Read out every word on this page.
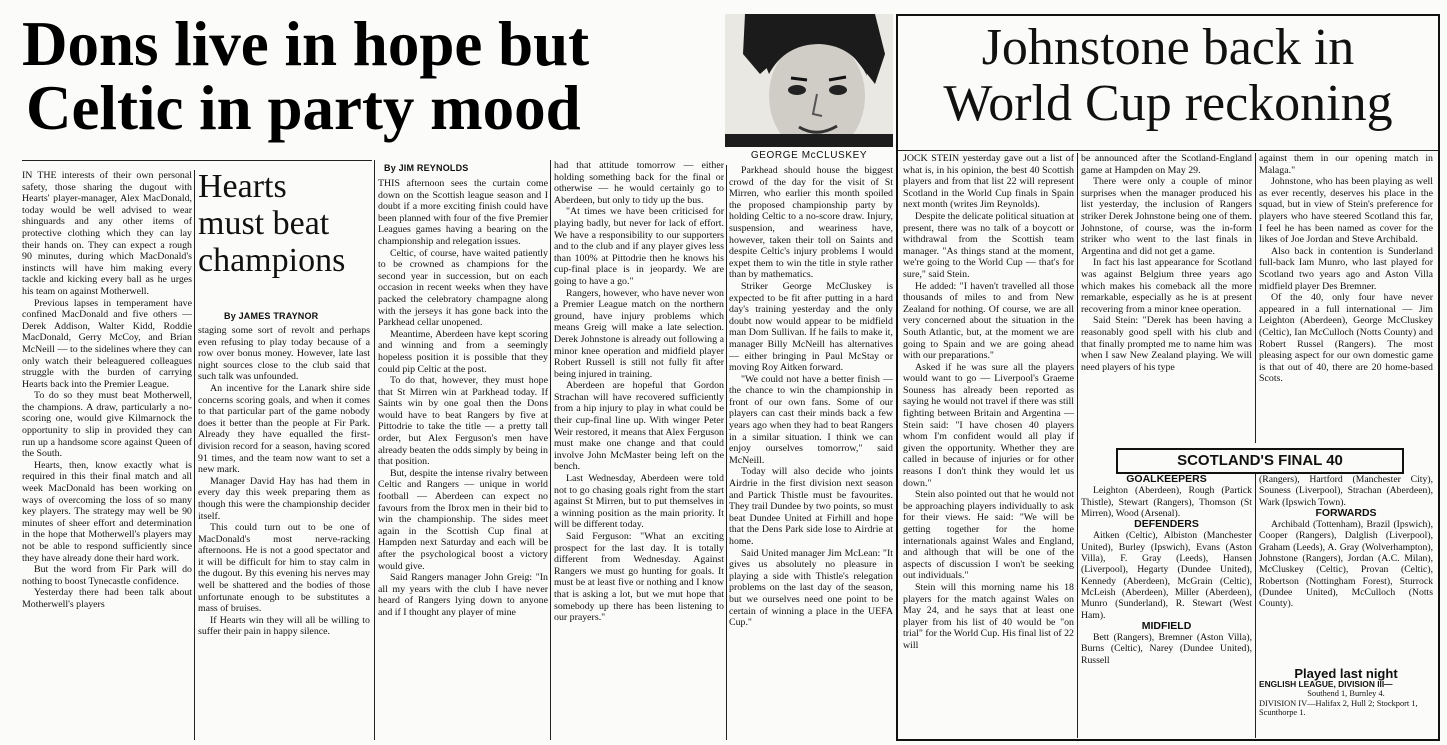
Dons live in hope but
Celtic in party mood
GEORGE McCLUSKEY

IN THE interests of their own personal safety, those sharing the dugout with Hearts' player-manager, Alex MacDonald, today would be well advised to wear shinguards and any other items of protective clothing which they can lay their hands on. They can expect a rough 90 minutes, during which MacDonald's instincts will have him making every tackle and kicking every ball as he urges his team on against Motherwell.

Previous lapses in temperament have confined MacDonald and five others — Derek Addison, Walter Kidd, Roddie MacDonald, Gerry McCoy, and Brian McNeill — to the sidelines where they can only watch their beleaguered colleagues struggle with the burden of carrying Hearts back into the Premier League.

To do so they must beat Motherwell, the champions. A draw, particularly a no-scoring one, would give Kilmarnock the opportunity to slip in provided they can run up a handsome score against Queen of the South.

Hearts, then, know exactly what is required in this their final match and all week MacDonald has been working on ways of overcoming the loss of so many key players. The strategy may well be 90 minutes of sheer effort and determination in the hope that Motherwell's players may not be able to respond sufficiently since they have already done their hard work.

But the word from Fir Park will do nothing to boost Tynecastle confidence.

Yesterday there had been talk about Motherwell's players

Hearts
must beat
champions
By JAMES TRAYNOR

staging some sort of revolt and perhaps even refusing to play today because of a row over bonus money. However, late last night sources close to the club said that such talk was unfounded.

An incentive for the Lanark shire side concerns scoring goals, and when it comes to that particular part of the game nobody does it better than the people at Fir Park. Already they have equalled the first-division record for a season, having scored 91 times, and the team now want to set a new mark.

Manager David Hay has had them in every day this week preparing them as though this were the championship decider itself.

This could turn out to be one of MacDonald's most nerve-racking afternoons. He is not a good spectator and it will be difficult for him to stay calm in the dugout. By this evening his nerves may well be shattered and the bodies of those unfortunate enough to be substitutes a mass of bruises.

If Hearts win they will all be willing to suffer their pain in happy silence.

By JIM REYNOLDS

THIS afternoon sees the curtain come down on the Scottish league season and I doubt if a more exciting finish could have been planned with four of the five Premier Leagues games having a bearing on the championship and relegation issues.

Celtic, of course, have waited patiently to be crowned as champions for the second year in succession, but on each occasion in recent weeks when they have packed the celebratory champagne along with the jerseys it has gone back into the Parkhead cellar unopened.

Meantime, Aberdeen have kept scoring and winning and from a seemingly hopeless position it is possible that they could pip Celtic at the post.

To do that, however, they must hope that St Mirren win at Parkhead today. If Saints win by one goal then the Dons would have to beat Rangers by five at Pittodrie to take the title — a pretty tall order, but Alex Ferguson's men have already beaten the odds simply by being in that position.

But, despite the intense rivalry between Celtic and Rangers — unique in world football — Aberdeen can expect no favours from the Ibrox men in their bid to win the championship. The sides meet again in the Scottish Cup final at Hampden next Saturday and each will be after the psychological boost a victory would give.

Said Rangers manager John Greig: "In all my years with the club I have never heard of Rangers lying down to anyone and if I thought any player of mine

had that attitude tomorrow — either holding something back for the final or otherwise — he would certainly go to Aberdeen, but only to tidy up the bus.

"At times we have been criticised for playing badly, but never for lack of effort. We have a responsibility to our supporters and to the club and if any player gives less than 100% at Pittodrie then he knows his cup-final place is in jeopardy. We are going to have a go."

Rangers, however, who have never won a Premier League match on the northern ground, have injury problems which means Greig will make a late selection. Derek Johnstone is already out following a minor knee operation and midfield player Robert Russell is still not fully fit after being injured in training.

Aberdeen are hopeful that Gordon Strachan will have recovered sufficiently from a hip injury to play in what could be their cup-final line up. With winger Peter Weir restored, it means that Alex Ferguson must make one change and that could involve John McMaster being left on the bench.

Last Wednesday, Aberdeen were told not to go chasing goals right from the start against St Mirren, but to put themselves in a winning position as the main priority. It will be different today.

Said Ferguson: "What an exciting prospect for the last day. It is totally different from Wednesday. Against Rangers we must go hunting for goals. It must be at least five or nothing and I know that is asking a lot, but we mut hope that somebody up there has been listening to our prayers."

Parkhead should house the biggest crowd of the day for the visit of St Mirren, who earlier this month spoiled the proposed championship party by holding Celtic to a no-score draw. Injury, suspension, and weariness have, however, taken their toll on Saints and despite Celtic's injury problems I would expet them to win the title in style rather than by mathematics.

Striker George McCluskey is expected to be fit after putting in a hard day's training yesterday and the only doubt now would appear to be midfield man Dom Sullivan. If he fails to make it, manager Billy McNeill has alternatives — either bringing in Paul McStay or moving Roy Aitken forward.

"We could not have a better finish — the chance to win the championship in front of our own fans. Some of our players can cast their minds back a few years ago when they had to beat Rangers in a similar situation. I think we can enjoy ourselves tomorrow," said McNeill.

Today will also decide who joints Airdrie in the first division next season and Partick Thistle must be favourites. They trail Dundee by two points, so must beat Dundee United at Firhill and hope that the Dens Park side lose to Airdrie at home.

Said United manager Jim McLean: "It gives us absolutely no pleasure in playing a side with Thistle's relegation problems on the last day of the season, but we ourselves need one point to be certain of winning a place in the UEFA Cup."

Johnstone back in
World Cup reckoning

JOCK STEIN yesterday gave out a list of what is, in his opinion, the best 40 Scottish players and from that list 22 will represent Scotland in the World Cup finals in Spain next month (writes Jim Reynolds).

Despite the delicate political situation at present, there was no talk of a boycott or withdrawal from the Scottish team manager. "As things stand at the moment, we're going to the World Cup — that's for sure," said Stein.

He added: "I haven't travelled all those thousands of miles to and from New Zealand for nothing. Of course, we are all very concerned about the situation in the South Atlantic, but, at the moment we are going to Spain and we are going ahead with our preparations."

Asked if he was sure all the players would want to go — Liverpool's Graeme Souness has already been reported as saying he would not travel if there was still fighting between Britain and Argentina — Stein said: "I have chosen 40 players whom I'm confident would all play if given the opportunity. Whether they are called in because of injuries or for other reasons I don't think they would let us down."

Stein also pointed out that he would not be approaching players individually to ask for their views. He said: "We will be getting together for the home internationals against Wales and England, and although that will be one of the aspects of discussion I won't be seeking out individuals."

Stein will this morning name his 18 players for the match against Wales on May 24, and he says that at least one player from his list of 40 would be "on trial" for the World Cup. His final list of 22 will

be announced after the Scotland-England game at Hampden on May 29.

There were only a couple of minor surprises when the manager produced his list yesterday, the inclusion of Rangers striker Derek Johnstone being one of them. Johnstone, of course, was the in-form striker who went to the last finals in Argentina and did not get a game.

In fact his last appearance for Scotland was against Belgium three years ago which makes his comeback all the more remarkable, especially as he is at present recovering from a minor knee operation.

Said Stein: "Derek has been having a reasonably good spell with his club and that finally prompted me to name him was when I saw New Zealand playing. We will need players of his type

against them in our opening match in Malaga."

Johnstone, who has been playing as well as ever recently, deserves his place in the squad, but in view of Stein's preference for players who have steered Scotland this far, I feel he has been named as cover for the likes of Joe Jordan and Steve Archibald.

Also back in contention is Sunderland full-back Iam Munro, who last played for Scotland two years ago and Aston Villa midfield player Des Bremner.

Of the 40, only four have never appeared in a full international — Jim Leighton (Aberdeen), George McCluskey (Celtic), Ian McCulloch (Notts County) and Robert Russel (Rangers). The most pleasing aspect for our own domestic game is that out of 40, there are 20 home-based Scots.

SCOTLAND'S FINAL 40

GOALKEEPERS

Leighton (Aberdeen), Rough (Partick Thistle), Stewart (Rangers), Thomson (St Mirren), Wood (Arsenal).

DEFENDERS

Aitken (Celtic), Albiston (Manchester United), Burley (Ipswich), Evans (Aston Villa), F. Gray (Leeds), Hansen (Liverpool), Hegarty (Dundee United), Kennedy (Aberdeen), McGrain (Celtic), McLeish (Aberdeen), Miller (Aberdeen), Munro (Sunderland), R. Stewart (West Ham).

MIDFIELD

Bett (Rangers), Bremner (Aston Villa), Burns (Celtic), Narey (Dundee United), Russell

(Rangers), Hartford (Manchester City), Souness (Liverpool), Strachan (Aberdeen), Wark (Ipswich Town).

FORWARDS

Archibald (Tottenham), Brazil (Ipswich), Cooper (Rangers), Dalglish (Liverpool), Graham (Leeds), A. Gray (Wolverhampton), Johnstone (Rangers), Jordan (A.C. Milan), McCluskey (Celtic), Provan (Celtic), Robertson (Nottingham Forest), Sturrock (Dundee United), McCulloch (Notts County).

Played last night

ENGLISH LEAGUE, DIVISION III—

Southend 1, Burnley 4.

DIVISION IV—Halifax 2, Hull 2; Stockport 1, Scunthorpe 1.
